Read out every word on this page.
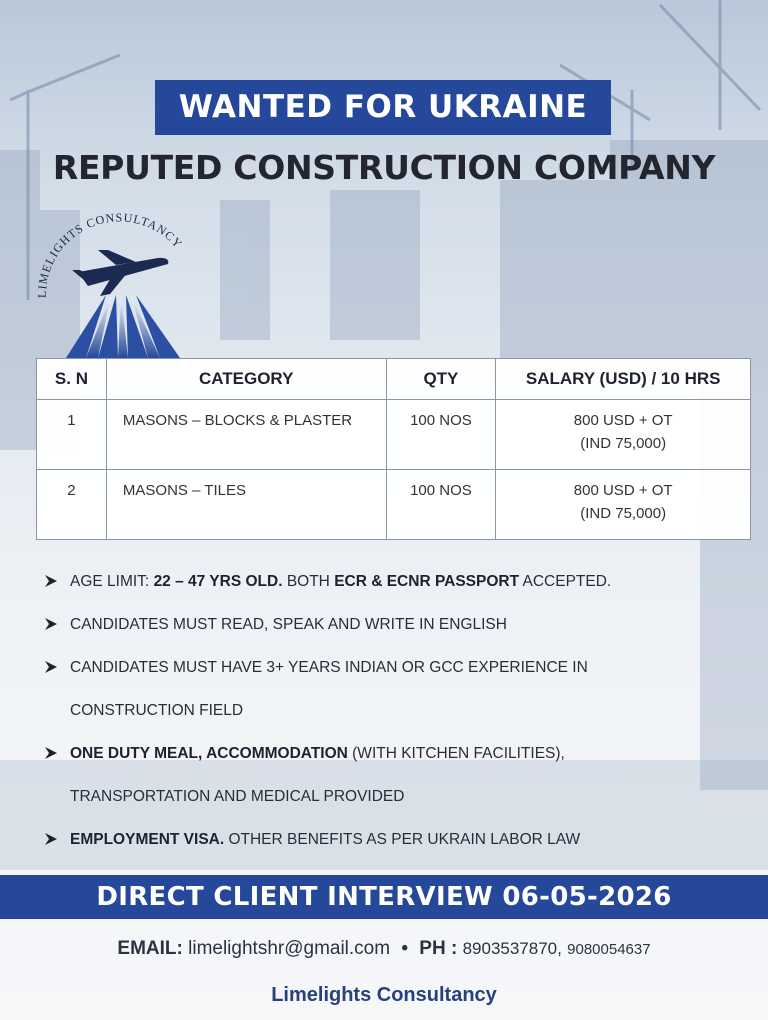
WANTED FOR UKRAINE
REPUTED CONSTRUCTION COMPANY
LIMELIGHTS CONSULTANCY
S. N	CATEGORY	QTY	SALARY (USD) / 10 HRS
1	MASONS – BLOCKS & PLASTER	100 NOS	800 USD + OT
(IND 75,000)

2	MASONS – TILES	100 NOS	800 USD + OT
(IND 75,000)
AGE LIMIT: 22 – 47 YRS OLD. BOTH ECR & ECNR PASSPORT ACCEPTED.
CANDIDATES MUST READ, SPEAK AND WRITE IN ENGLISH
CANDIDATES MUST HAVE 3+ YEARS INDIAN OR GCC EXPERIENCE IN
CONSTRUCTION FIELD
ONE DUTY MEAL, ACCOMMODATION (WITH KITCHEN FACILITIES),
TRANSPORTATION AND MEDICAL PROVIDED
EMPLOYMENT VISA. OTHER BENEFITS AS PER UKRAIN LABOR LAW
DIRECT CLIENT INTERVIEW 06-05-2026
EMAIL: limelightshr@gmail.com • PH : 8903537870, 9080054637
Limelights Consultancy
